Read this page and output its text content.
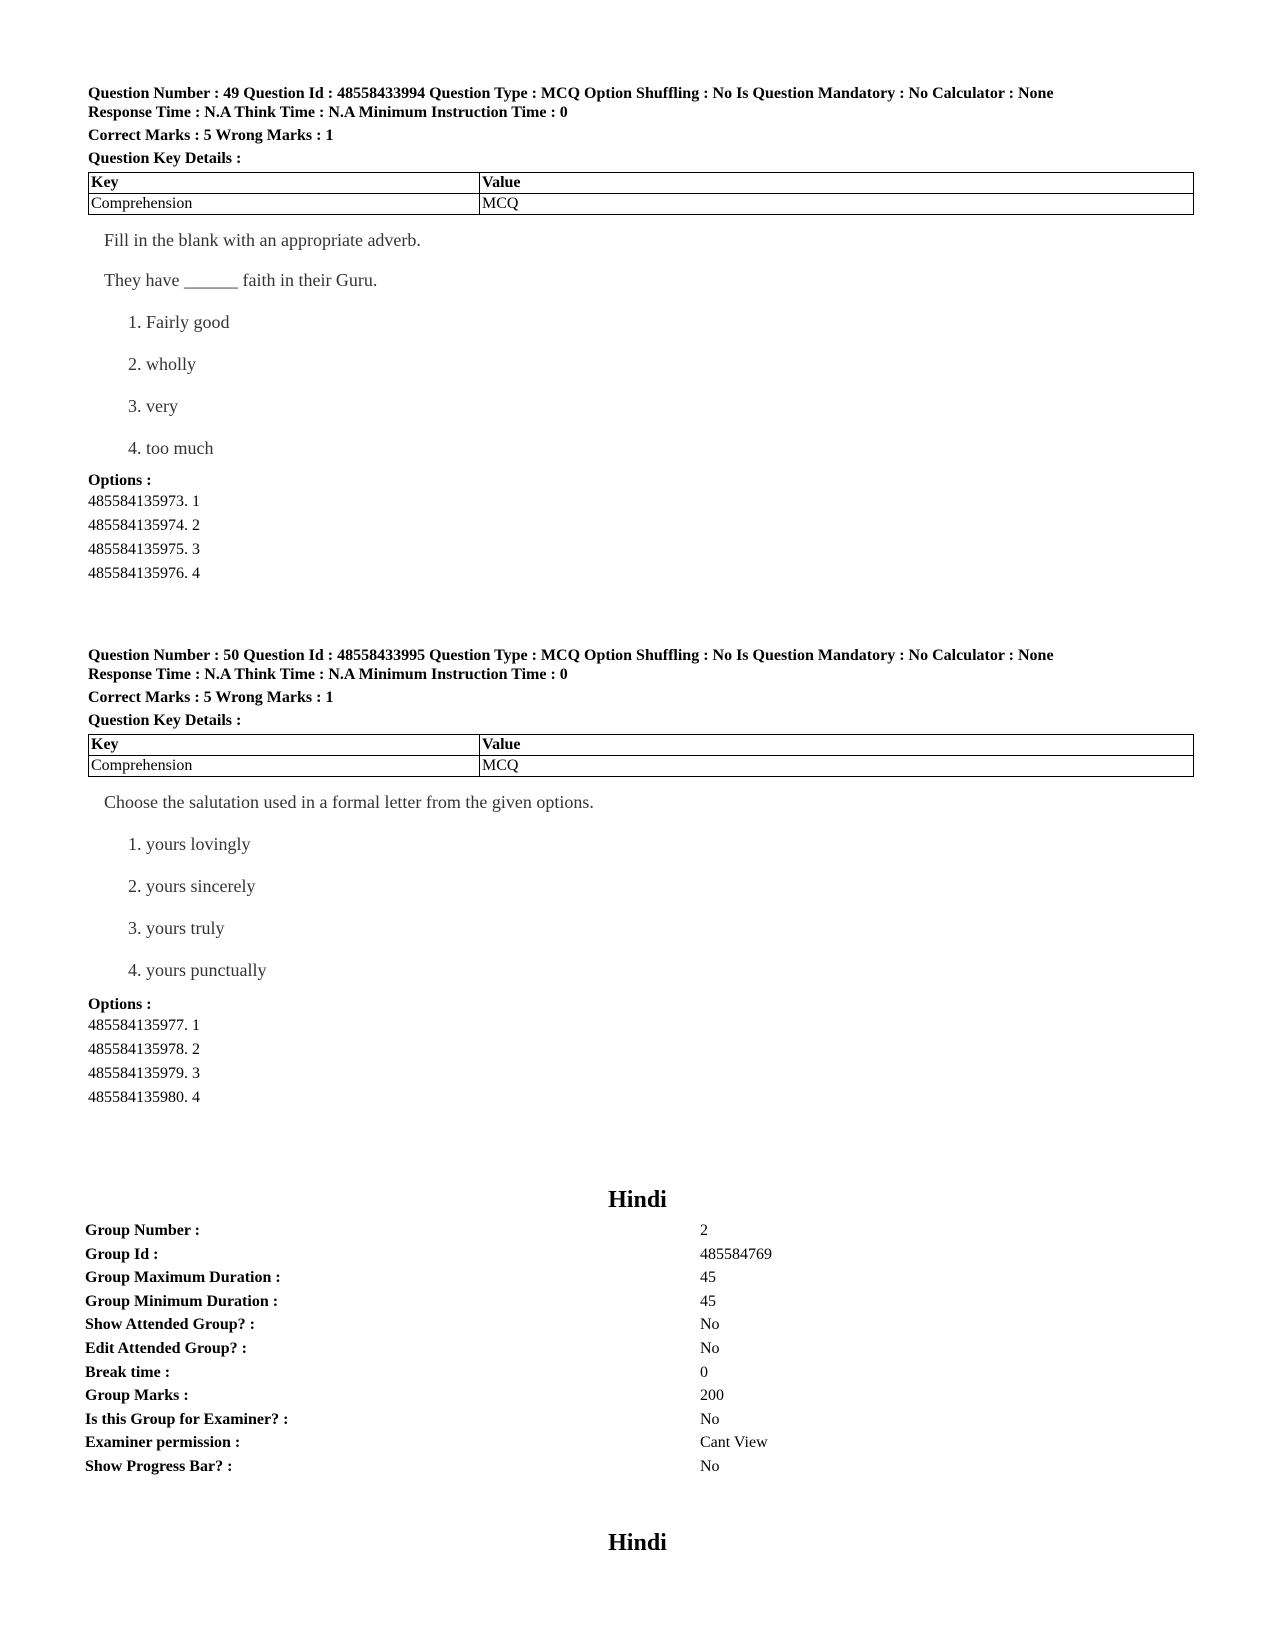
Question Number : 49 Question Id : 48558433994 Question Type : MCQ Option Shuffling : No Is Question Mandatory : No Calculator : None

Response Time : N.A Think Time : N.A Minimum Instruction Time : 0

Correct Marks : 5 Wrong Marks : 1
Question Key Details :
Key	Value
Comprehension	MCQ

Fill in the blank with an appropriate adverb.

They have ______ faith in their Guru.

1. Fairly good
2. wholly
3. very
4. too much
Options :
485584135973. 1
485584135974. 2
485584135975. 3
485584135976. 4

Question Number : 50 Question Id : 48558433995 Question Type : MCQ Option Shuffling : No Is Question Mandatory : No Calculator : None

Response Time : N.A Think Time : N.A Minimum Instruction Time : 0

Correct Marks : 5 Wrong Marks : 1
Question Key Details :
Key	Value
Comprehension	MCQ

Choose the salutation used in a formal letter from the given options.

1. yours lovingly
2. yours sincerely
3. yours truly
4. yours punctually
Options :
485584135977. 1
485584135978. 2
485584135979. 3
485584135980. 4
Hindi
Group Number :	2
Group Id :	485584769
Group Maximum Duration :	45
Group Minimum Duration :	45
Show Attended Group? :	No
Edit Attended Group? :	No
Break time :	0
Group Marks :	200
Is this Group for Examiner? :	No
Examiner permission :	Cant View
Show Progress Bar? :	No
Hindi
